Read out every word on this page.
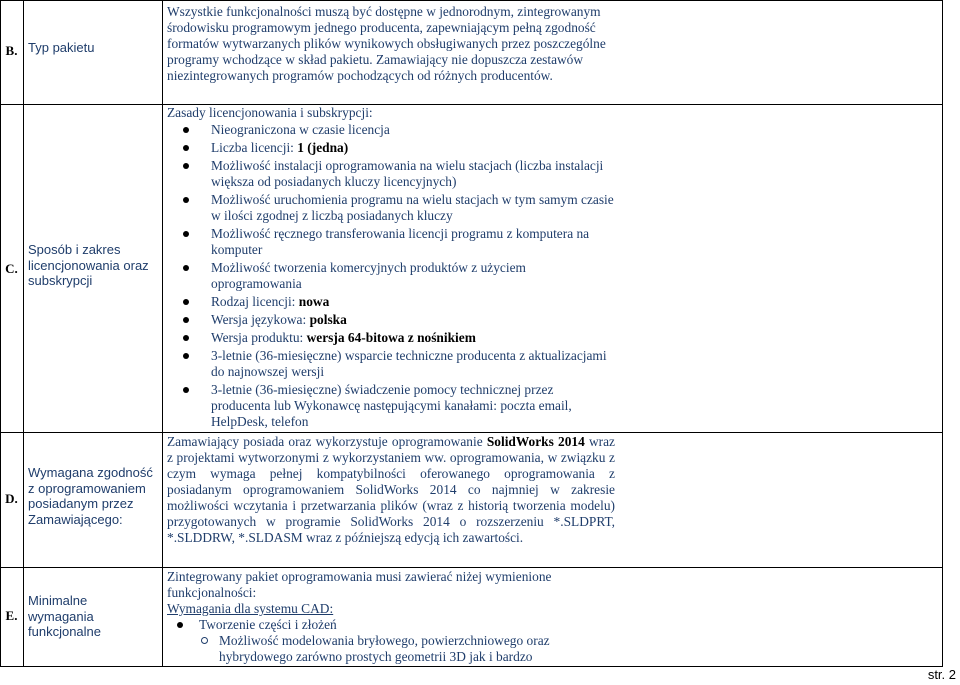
B.
C.
D.
E.
Typ pakietu
Sposób i zakres licencjonowania oraz subskrypcji
Wymagana zgodność z oprogramowaniem posiadanym przez Zamawiającego:
Minimalne wymagania funkcjonalne

Wszystkie funkcjonalności muszą być dostępne w jednorodnym, zintegrowanym środowisku programowym jednego producenta, zapewniającym pełną zgodność formatów wytwarzanych plików wynikowych obsługiwanych przez poszczególne programy wchodzące w skład pakietu. Zamawiający nie dopuszcza zestawów niezintegrowanych programów pochodzących od różnych producentów.

Zasady licencjonowania i subskrypcji:

Nieograniczona w czasie licencja
Liczba licencji: 1 (jedna)
Możliwość instalacji oprogramowania na wielu stacjach (liczba instalacji większa od posiadanych kluczy licencyjnych)
Możliwość uruchomienia programu na wielu stacjach w tym samym czasie w ilości zgodnej z liczbą posiadanych kluczy
Możliwość ręcznego transferowania licencji programu z komputera na komputer
Możliwość tworzenia komercyjnych produktów z użyciem oprogramowania
Rodzaj licencji: nowa
Wersja językowa: polska
Wersja produktu: wersja 64-bitowa z nośnikiem
3-letnie (36-miesięczne) wsparcie techniczne producenta z aktualizacjami do najnowszej wersji
3-letnie (36-miesięczne) świadczenie pomocy technicznej przez producenta lub Wykonawcę następującymi kanałami: poczta email, HelpDesk, telefon

Zamawiający posiada oraz wykorzystuje oprogramowanie SolidWorks 2014 wraz z projektami wytworzonymi z wykorzystaniem ww. oprogramowania, w związku z czym wymaga pełnej kompatybilności oferowanego oprogramowania z posiadanym oprogramowaniem SolidWorks 2014 co najmniej w zakresie możliwości wczytania i przetwarzania plików (wraz z historią tworzenia modelu) przygotowanych w programie SolidWorks 2014 o rozszerzeniu *.SLDPRT, *.SLDDRW, *.SLDASM wraz z późniejszą edycją ich zawartości.

Zintegrowany pakiet oprogramowania musi zawierać niżej wymienione funkcjonalności:

Wymagania dla systemu CAD:

Tworzenie części i złożeń
Możliwość modelowania bryłowego, powierzchniowego oraz hybrydowego zarówno prostych geometrii 3D jak i bardzo
str. 2
